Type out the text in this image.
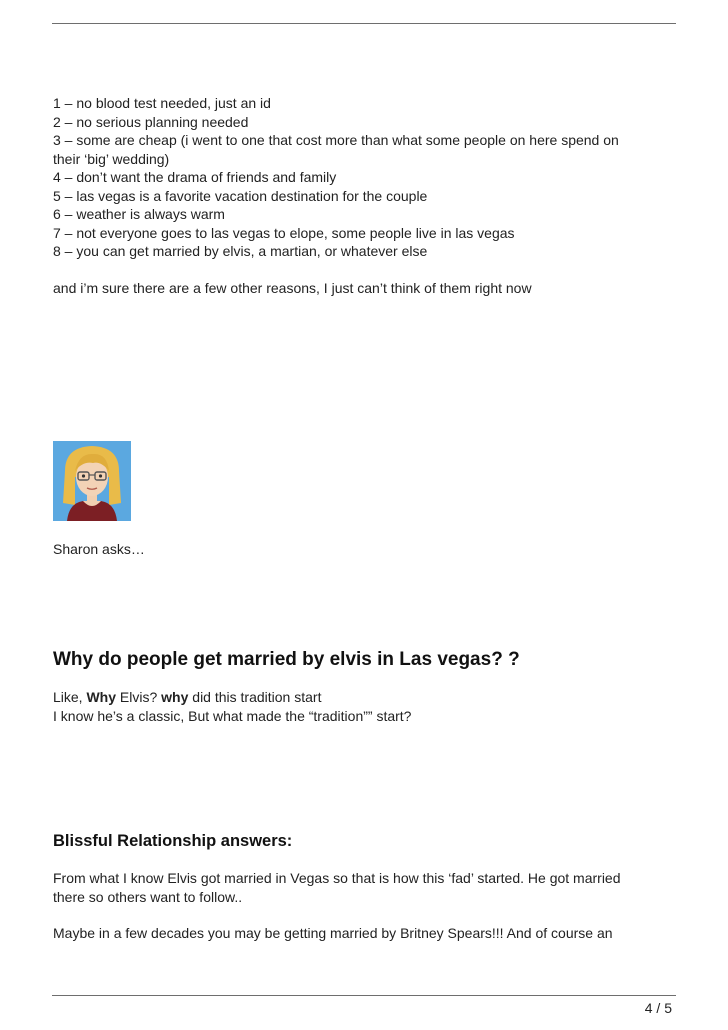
1 – no blood test needed, just an id
2 – no serious planning needed
3 – some are cheap (i went to one that cost more than what some people on here spend on
their ‘big’ wedding)
4 – don’t want the drama of friends and family
5 – las vegas is a favorite vacation destination for the couple
6 – weather is always warm
7 – not everyone goes to las vegas to elope, some people live in las vegas
8 – you can get married by elvis, a martian, or whatever else
and i’m sure there are a few other reasons, I just can’t think of them right now
Sharon asks…
Why do people get married by elvis in Las vegas? ?
Like, Why Elvis? why did this tradition start
I know he’s a classic, But what made the “tradition”” start?
Blissful Relationship answers:
From what I know Elvis got married in Vegas so that is how this ‘fad’ started. He got married
there so others want to follow..
Maybe in a few decades you may be getting married by Britney Spears!!! And of course an
4 / 5
